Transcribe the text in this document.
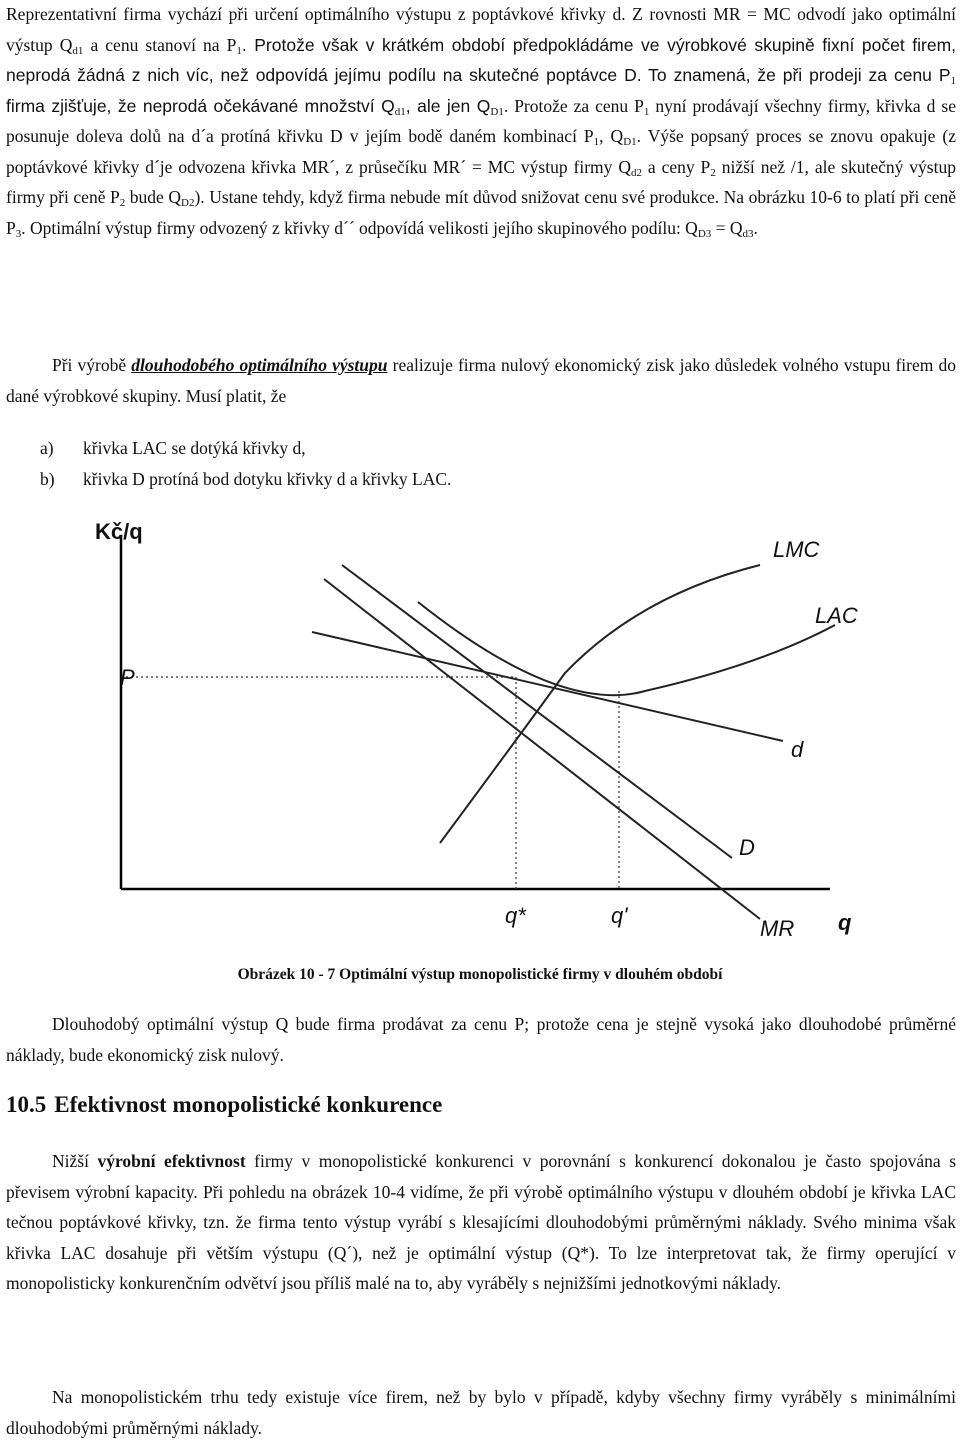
Reprezentativní firma vychází při určení optimálního výstupu z poptávkové křivky d. Z rovnosti MR = MC odvodí jako optimální výstup $Q_{d1}$ a cenu stanoví na $P_1$. Protože však v krátkém období předpokládáme ve výrobkové skupině fixní počet firem, neprodá žádná z nich víc, než odpovídá jejímu podílu na skutečné poptávce D. To znamená, že při prodeji za cenu $P_1$ firma zjišťuje, že neprodá očekávané množství $Q_{d1}$, ale jen $Q_{D1}$. Protože za cenu $P_1$ nyní prodávají všechny firmy, křivka d se posunuje doleva dolů na d´a protíná křivku D v jejím bodě daném kombinací $P_1$, $Q_{D1}$. Výše popsaný proces se znovu opakuje (z poptávkové křivky d´je odvozena křivka MR´, z průsečíku MR´ = MC výstup firmy $Q_{d2}$ a ceny $P_2$ nižší než /1, ale skutečný výstup firmy při ceně $P_2$ bude $Q_{D2}$). Ustane tehdy, když firma nebude mít důvod snižovat cenu své produkce. Na obrázku 10-6 to platí při ceně $P_3$. Optimální výstup firmy odvozený z křivky d´´ odpovídá velikosti jejího skupinového podílu: $Q_{D3} = Q_{d3}$.

Při výrobě dlouhodobého optimálního výstupu realizuje firma nulový ekonomický zisk jako důsledek volného vstupu firem do dané výrobkové skupiny. Musí platit, že

a)	křivka LAC se dotýká křivky d,
b)	křivka D protíná bod dotyku křivky d a křivky LAC.
Kč/q
P
LMC
LAC
d
D
MR q
q*	q'
Obrázek 10 - 7 Optimální výstup monopolistické firmy v dlouhém období

Dlouhodobý optimální výstup Q bude firma prodávat za cenu P; protože cena je stejně vysoká jako dlouhodobé průměrné náklady, bude ekonomický zisk nulový.

10.5 Efektivnost monopolistické konkurence

Nižší výrobní efektivnost firmy v monopolistické konkurenci v porovnání s konkurencí dokonalou je často spojována s převisem výrobní kapacity. Při pohledu na obrázek 10-4 vidíme, že při výrobě optimálního výstupu v dlouhém období je křivka LAC tečnou poptávkové křivky, tzn. že firma tento výstup vyrábí s klesajícími dlouhodobými průměrnými náklady. Svého minima však křivka LAC dosahuje při větším výstupu (Q´), než je optimální výstup (Q*). To lze interpretovat tak, že firmy operující v monopolisticky konkurenčním odvětví jsou příliš malé na to, aby vyráběly s nejnižšími jednotkovými náklady.

Na monopolistickém trhu tedy existuje více firem, než by bylo v případě, kdyby všechny firmy vyráběly s minimálními dlouhodobými průměrnými náklady.
